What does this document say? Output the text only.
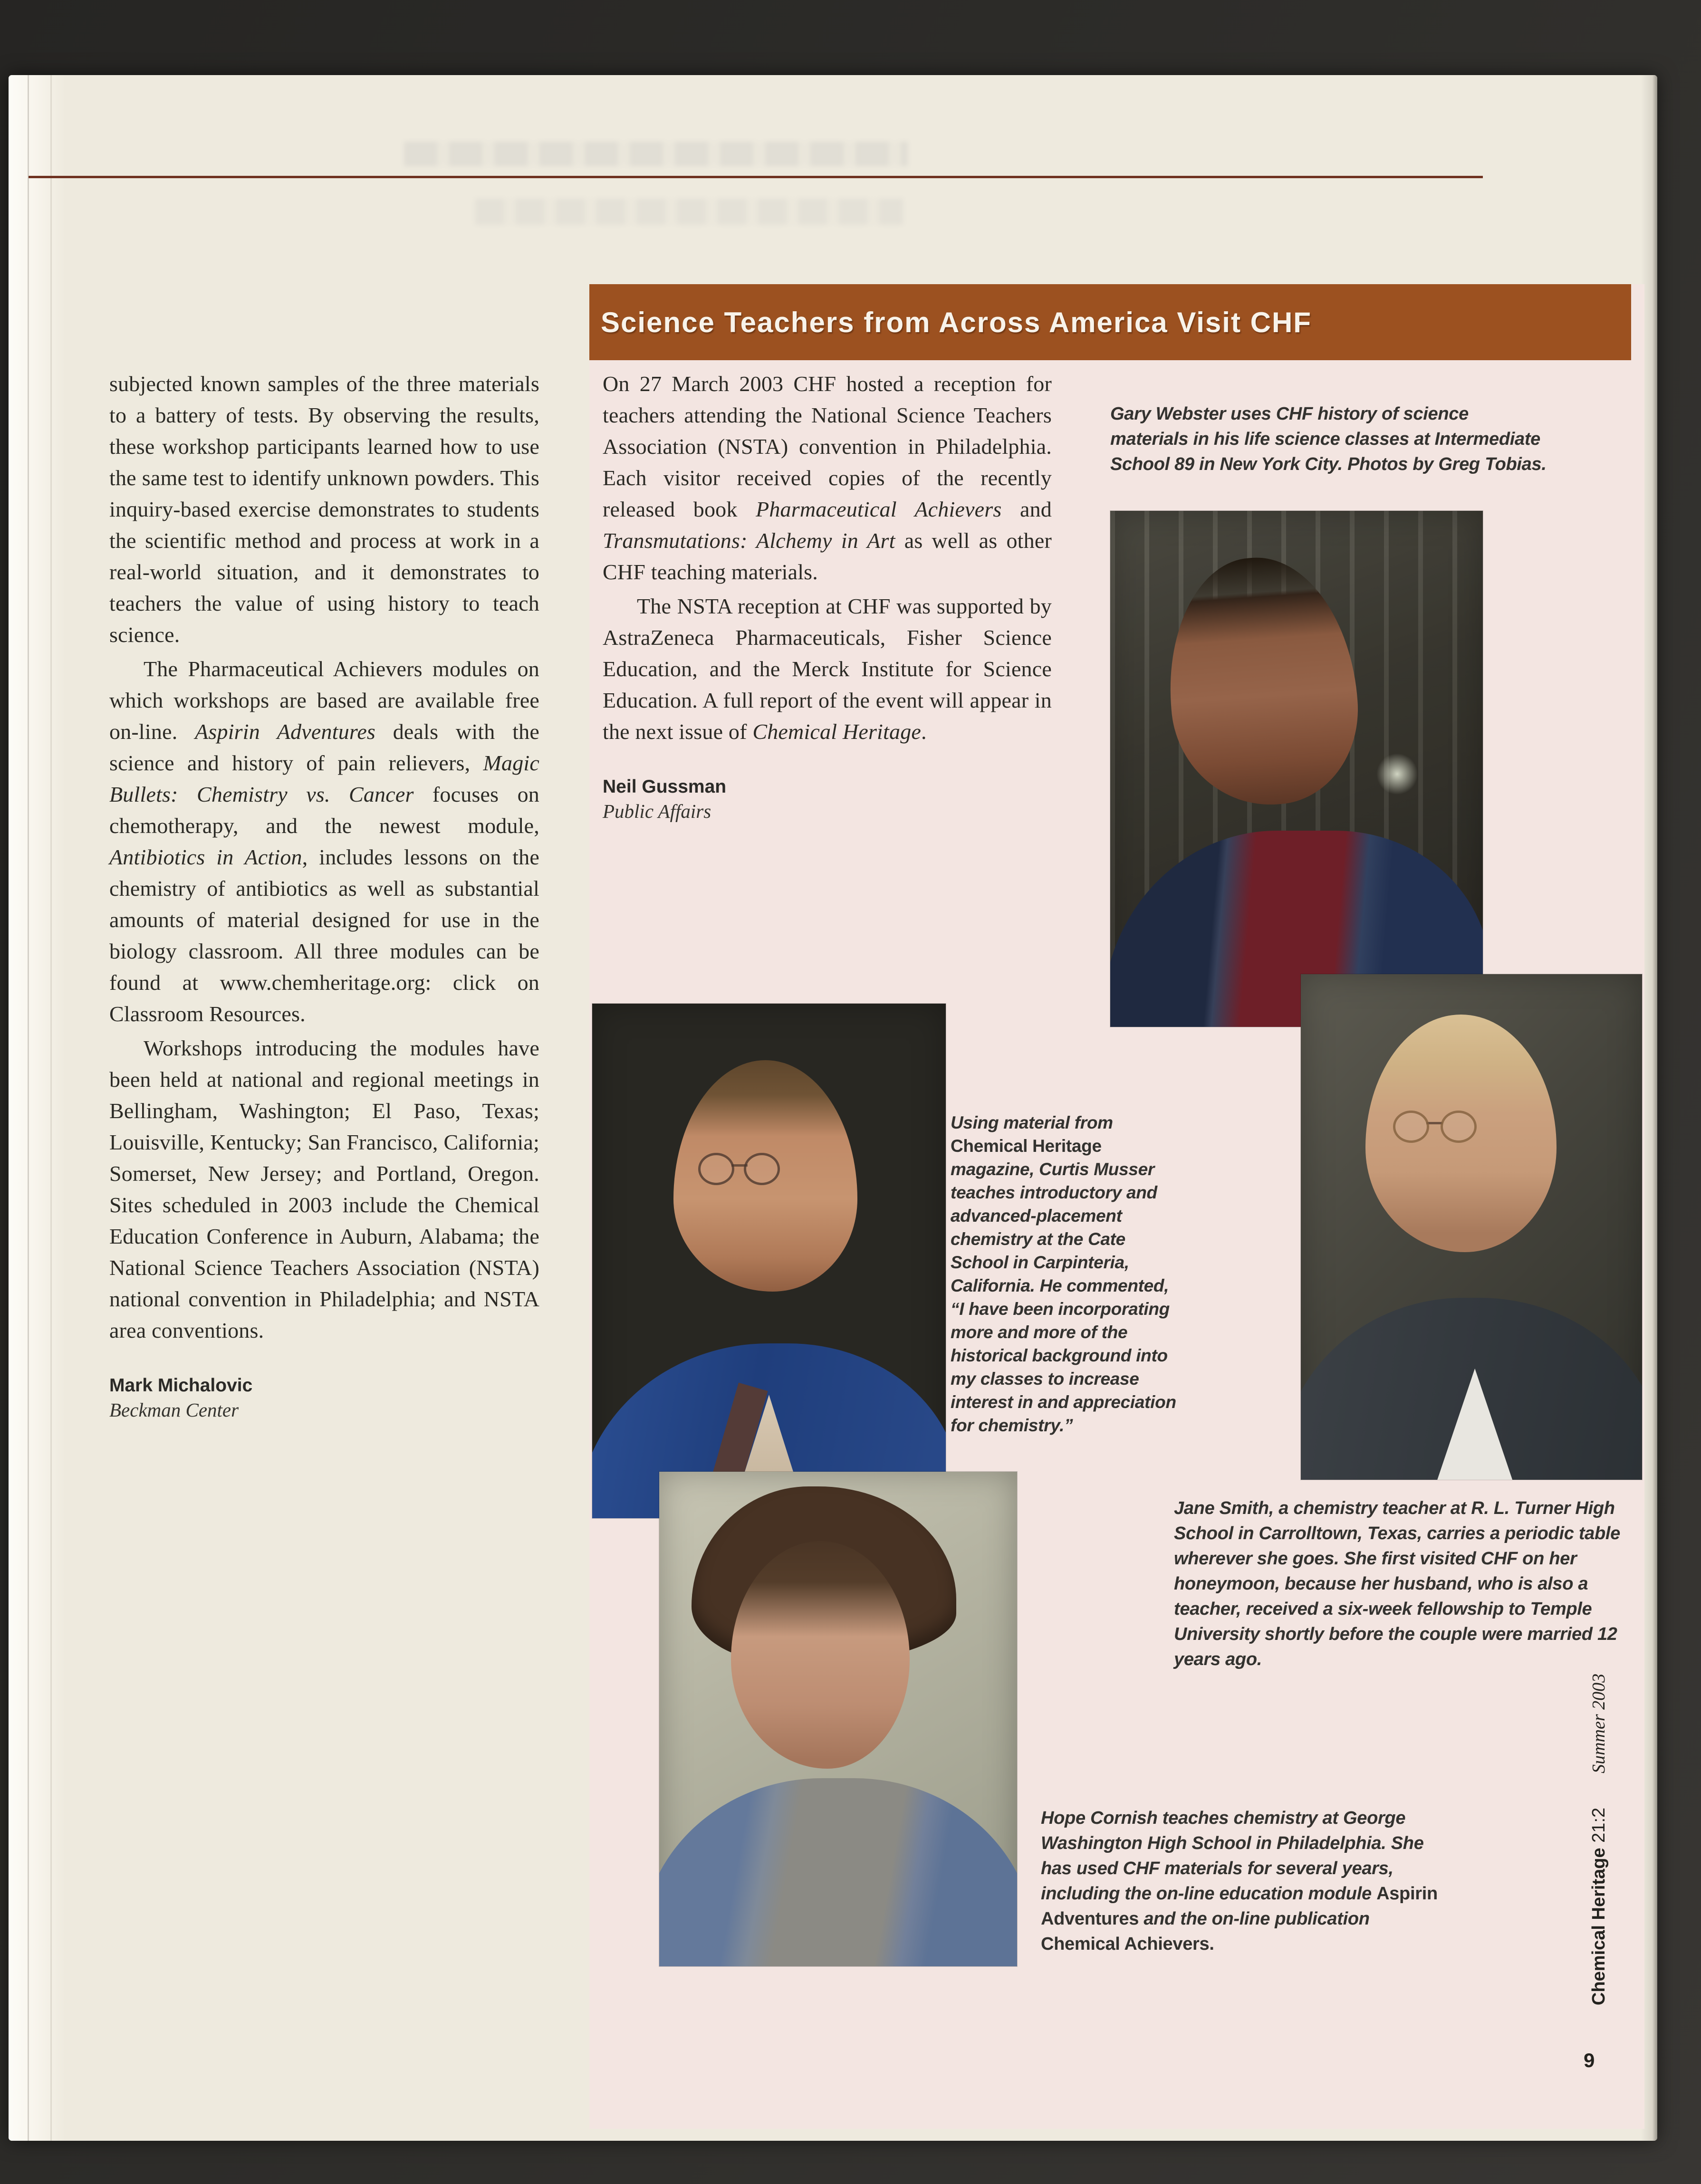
Science Teachers from Across America Visit CHF

subjected known samples of the three materials to a battery of tests. By observing the results, these workshop participants learned how to use the same test to identify unknown powders. This inquiry-based exercise demonstrates to students the scientific method and process at work in a real-world situation, and it demonstrates to teachers the value of using history to teach science.

The Pharmaceutical Achievers modules on which workshops are based are available free on-line. Aspirin Adventures deals with the science and history of pain relievers, Magic Bullets: Chemistry vs. Cancer focuses on chemotherapy, and the newest module, Antibiotics in Action, includes lessons on the chemistry of antibiotics as well as substantial amounts of material designed for use in the biology classroom. All three modules can be found at www.chemheritage.org: click on Classroom Resources.

Workshops introducing the modules have been held at national and regional meetings in Bellingham, Washington; El Paso, Texas; Louisville, Kentucky; San Francisco, California; Somerset, New Jersey; and Portland, Oregon. Sites scheduled in 2003 include the Chemical Education Conference in Auburn, Alabama; the National Science Teachers Association (NSTA) national convention in Philadelphia; and NSTA area conventions.

Mark Michalovic
Beckman Center

On 27 March 2003 CHF hosted a reception for teachers attending the National Science Teachers Association (NSTA) convention in Philadelphia. Each visitor received copies of the recently released book Pharmaceutical Achievers and Transmutations: Alchemy in Art as well as other CHF teaching materials.

The NSTA reception at CHF was supported by AstraZeneca Pharmaceuticals, Fisher Science Education, and the Merck Institute for Science Education. A full report of the event will appear in the next issue of Chemical Heritage.

Neil Gussman
Public Affairs
Gary Webster uses CHF history of science materials in his life science classes at Intermediate School 89 in New York City. Photos by Greg Tobias.
Using material from Chemical Heritage magazine, Curtis Musser teaches introductory and advanced-placement chemistry at the Cate School in Carpinteria, California. He commented, “I have been incorporating more and more of the historical background into my classes to increase interest in and appreciation for chemistry.”
Jane Smith, a chemistry teacher at R. L. Turner High School in Carrolltown, Texas, carries a periodic table wherever she goes. She first visited CHF on her honeymoon, because her husband, who is also a teacher, received a six-week fellowship to Temple University shortly before the couple were married 12 years ago.
Hope Cornish teaches chemistry at George Washington High School in Philadelphia. She has used CHF materials for several years, including the on-line education module Aspirin Adventures and the on-line publication Chemical Achievers.	Chemical Heritage 21:2
Summer 2003
9
